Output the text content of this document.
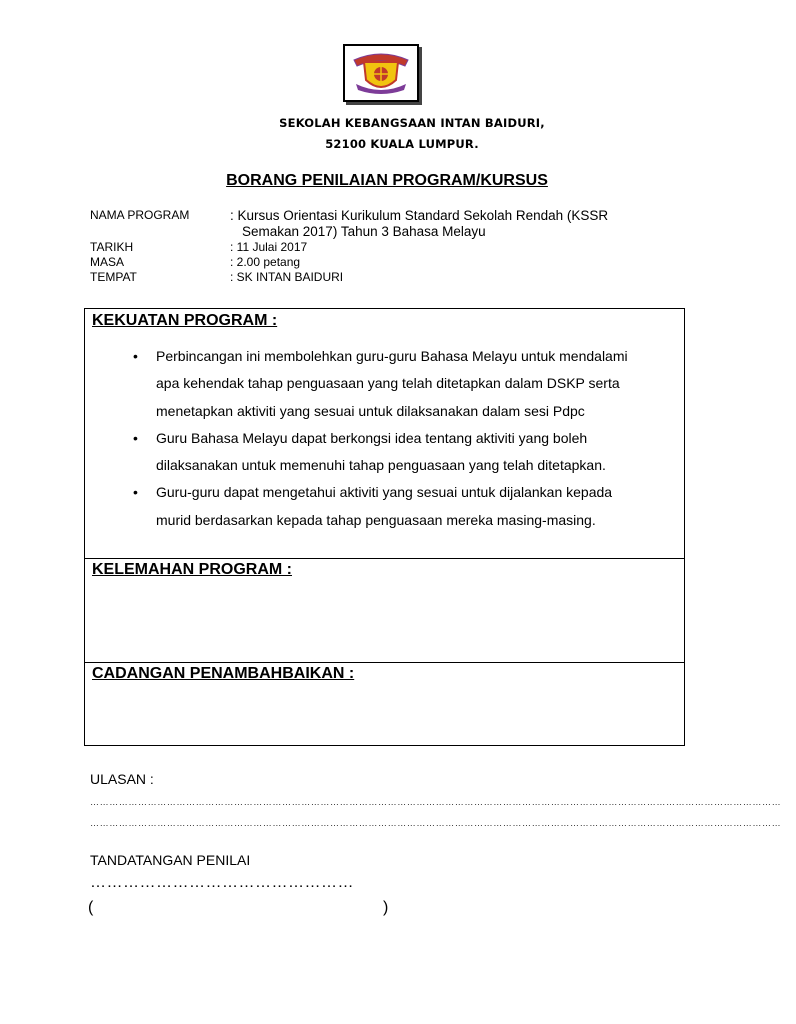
SEKOLAH KEBANGSAAN INTAN BAIDURI,
52100 KUALA LUMPUR.
BORANG PENILAIAN PROGRAM/KURSUS
NAMA PROGRAM	: Kursus Orientasi Kurikulum Standard Sekolah Rendah (KSSR
Semakan 2017) Tahun 3 Bahasa Melayu
TARIKH	: 11 Julai 2017
MASA	: 2.00 petang
TEMPAT	: SK INTAN BAIDURI
KEKUATAN PROGRAM :
• Perbincangan ini membolehkan guru-guru Bahasa Melayu untuk mendalami
apa kehendak tahap penguasaan yang telah ditetapkan dalam DSKP serta
menetapkan aktiviti yang sesuai untuk dilaksanakan dalam sesi Pdpc
• Guru Bahasa Melayu dapat berkongsi idea tentang aktiviti yang boleh
dilaksanakan untuk memenuhi tahap penguasaan yang telah ditetapkan.
• Guru-guru dapat mengetahui aktiviti yang sesuai untuk dijalankan kepada
murid berdasarkan kepada tahap penguasaan mereka masing-masing.
KELEMAHAN PROGRAM :
CADANGAN PENAMBAHBAIKAN :
ULASAN :
………………………………………………………………………………………………………………………………………………………………………………………………
………………………………………………………………………………………………………………………………………………………………………………………………
TANDATANGAN PENILAI
…………………………………………
(	)
